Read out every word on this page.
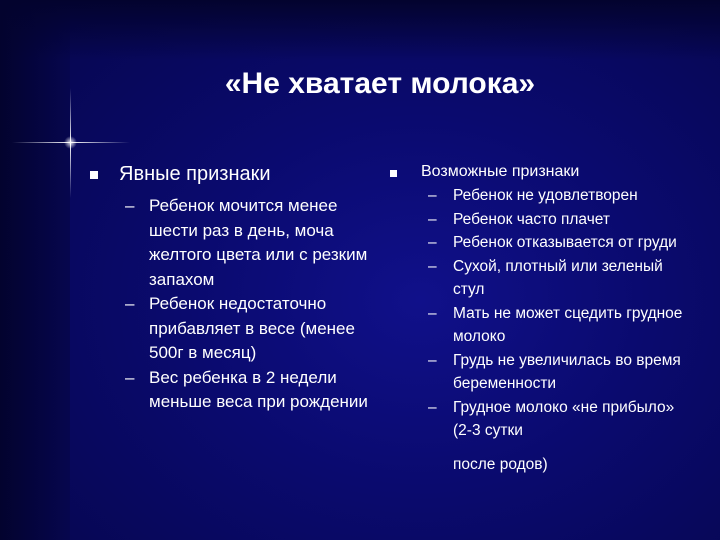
«Не хватает молока»
Явные признаки
– Ребенок мочится менее шести раз в день, моча желтого цвета или с резким запахом
– Ребенок недостаточно прибавляет в весе (менее 500г в месяц)
– Вес ребенка в 2 недели меньше веса при рождении
Возможные признаки
– Ребенок не удовлетворен
– Ребенок часто плачет
– Ребенок отказывается от груди
– Сухой, плотный или зеленый стул
– Мать не может сцедить грудное молоко
– Грудь не увеличилась во время беременности
– Грудное молоко «не прибыло» (2-3 сутки
после родов)
